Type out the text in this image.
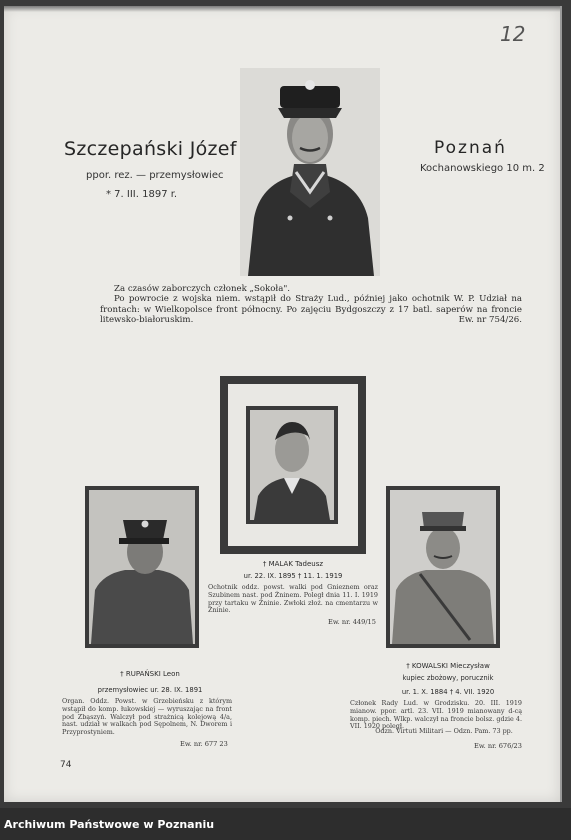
12
Szczepański Józef
ppor. rez. — przemysłowiec
* 7. III. 1897 r.
Poznań
Kochanowskiego 10 m. 2

Za czasów zaborczych członek „Sokoła".

Po powrocie z wojska niem. wstąpił do Straży Lud., później jako ochotnik W. P. Udział na frontach: w Wielkopolsce front północny. Po zajęciu Bydgoszczy z 17 batl. saperów na froncie litewsko-białoruskim.	Ew. nr 754/26.
† MALAK Tadeusz
ur. 22. IX. 1895 † 11. 1. 1919
Ochotnik oddz. powst. walki pod Gnieznem oraz Szubinem nast. pod Żninem. Poległ dnia 11. I. 1919 przy tartaku w Żninie. Zwłoki złoż. na cmentarzu w Żninie.
Ew. nr. 449/15
† RUPAŃSKI Leon
przemysłowiec ur. 28. IX. 1891
Organ. Oddz. Powst. w Grzebieńsku z którym wstąpił do komp. łukowskiej — wyruszając na front pod Zbąszyń. Walczył pod strażnicą kolejową 4/a, nast. udział w walkach pod Sępolnem, N. Dworem i Przyprostyniem.
Ew. nr. 677 23
† KOWALSKI Mieczysław
kupiec zbożowy, porucznik
ur. 1. X. 1884 † 4. VII. 1920
Członek Rady Lud. w Grodzisku. 20. III. 1919 mianow. ppor. artl. 23. VII. 1919 mianowany d-cą komp. piech. Wlkp. walczył na froncie bolsz. gdzie 4. VII. 1920 poległ.
Odzn. Virtuti Militari — Odzn. Pam. 73 pp.
Ew. nr. 676/23
74
Archiwum Państwowe w Poznaniu
